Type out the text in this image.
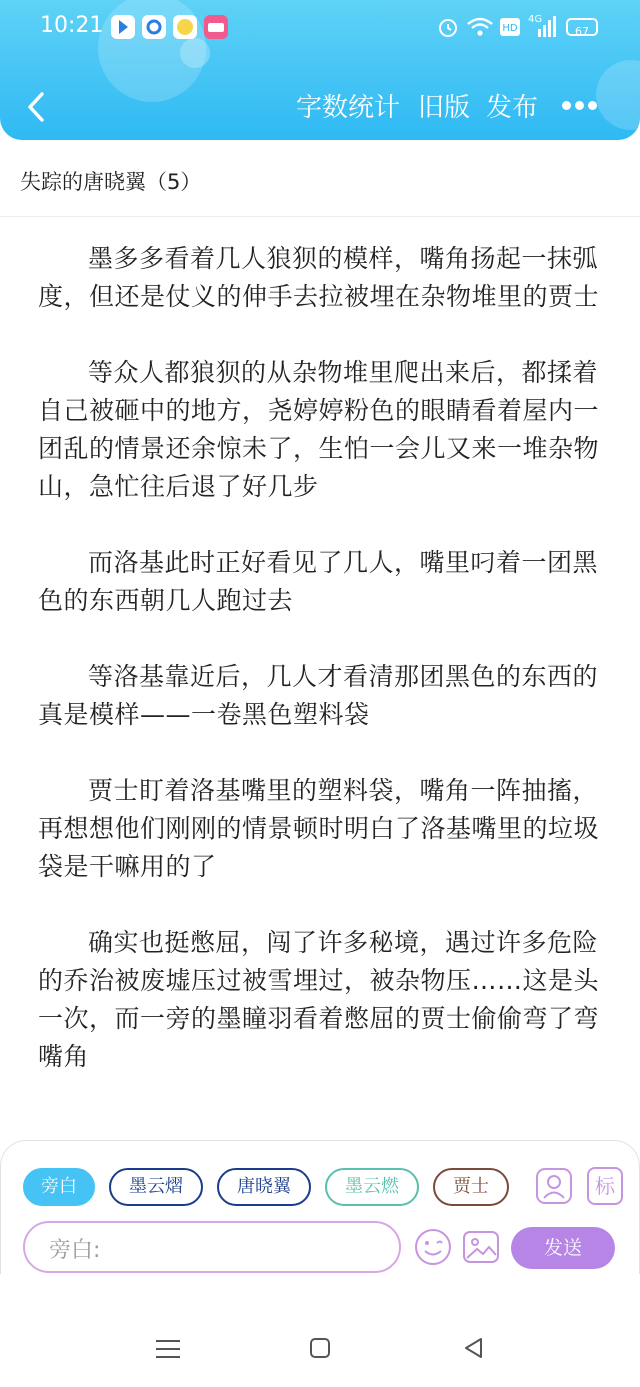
10:21	HD
4G
67
字数统计 旧版 发布
失踪的唐晓翼（5）

墨多多看着几人狼狈的模样，嘴角扬起一抹弧度，但还是仗义的伸手去拉被埋在杂物堆里的贾士

等众人都狼狈的从杂物堆里爬出来后，都揉着自己被砸中的地方，尧婷婷粉色的眼睛看着屋内一团乱的情景还余惊未了，生怕一会儿又来一堆杂物山，急忙往后退了好几步

而洛基此时正好看见了几人，嘴里叼着一团黑色的东西朝几人跑过去

等洛基靠近后，几人才看清那团黑色的东西的真是模样——一卷黑色塑料袋

贾士盯着洛基嘴里的塑料袋，嘴角一阵抽搐，再想想他们刚刚的情景顿时明白了洛基嘴里的垃圾袋是干嘛用的了

确实也挺憋屈，闯了许多秘境，遇过许多危险的乔治被废墟压过被雪埋过，被杂物压……这是头一次，而一旁的墨瞳羽看着憋屈的贾士偷偷弯了弯嘴角

旁白	墨云熠	唐晓翼	墨云燃	贾士	标
旁白:	发送
